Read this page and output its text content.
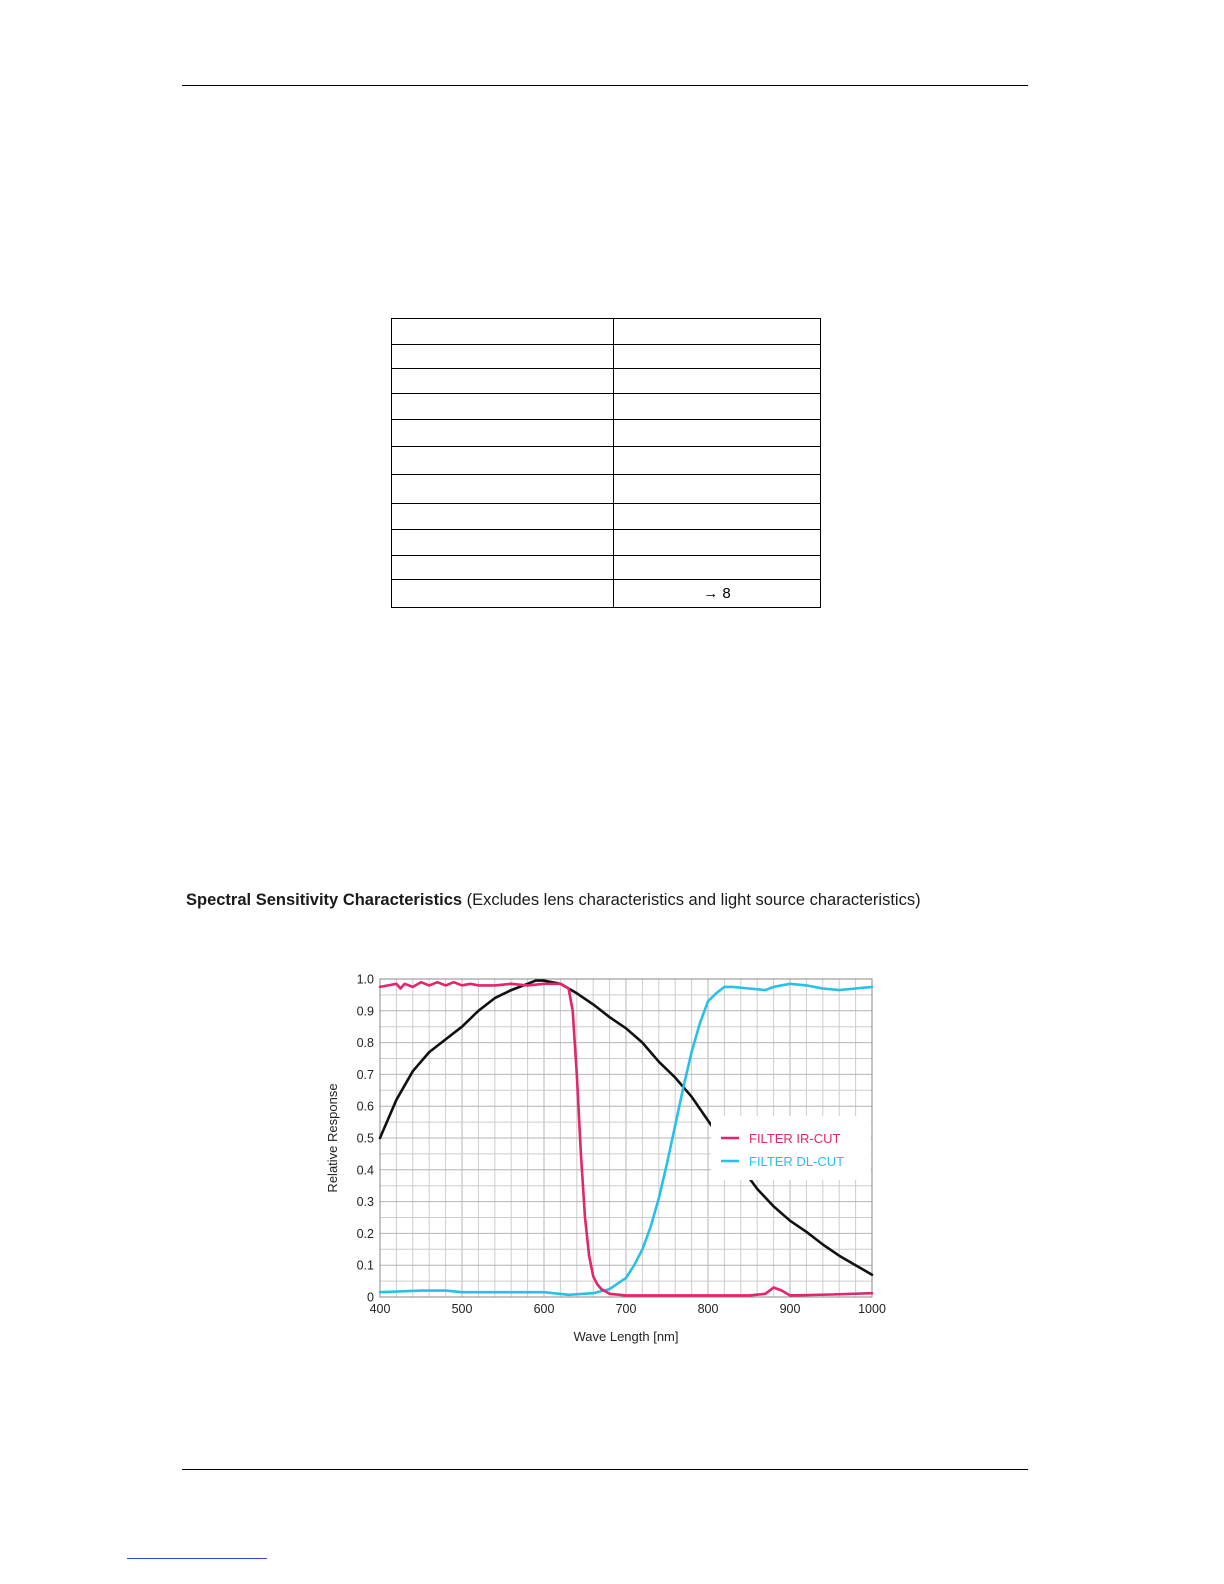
	→ 8
Spectral Sensitivity Characteristics (Excludes lens characteristics and light source characteristics)
FILTER IR-CUT
FILTER DL-CUT
400	500	600	700	800	900	1000
0
0.1
0.2
0.3
0.4
0.5
0.6
0.7
0.8
0.9
1.0
Wave Length [nm]
Relative Response
